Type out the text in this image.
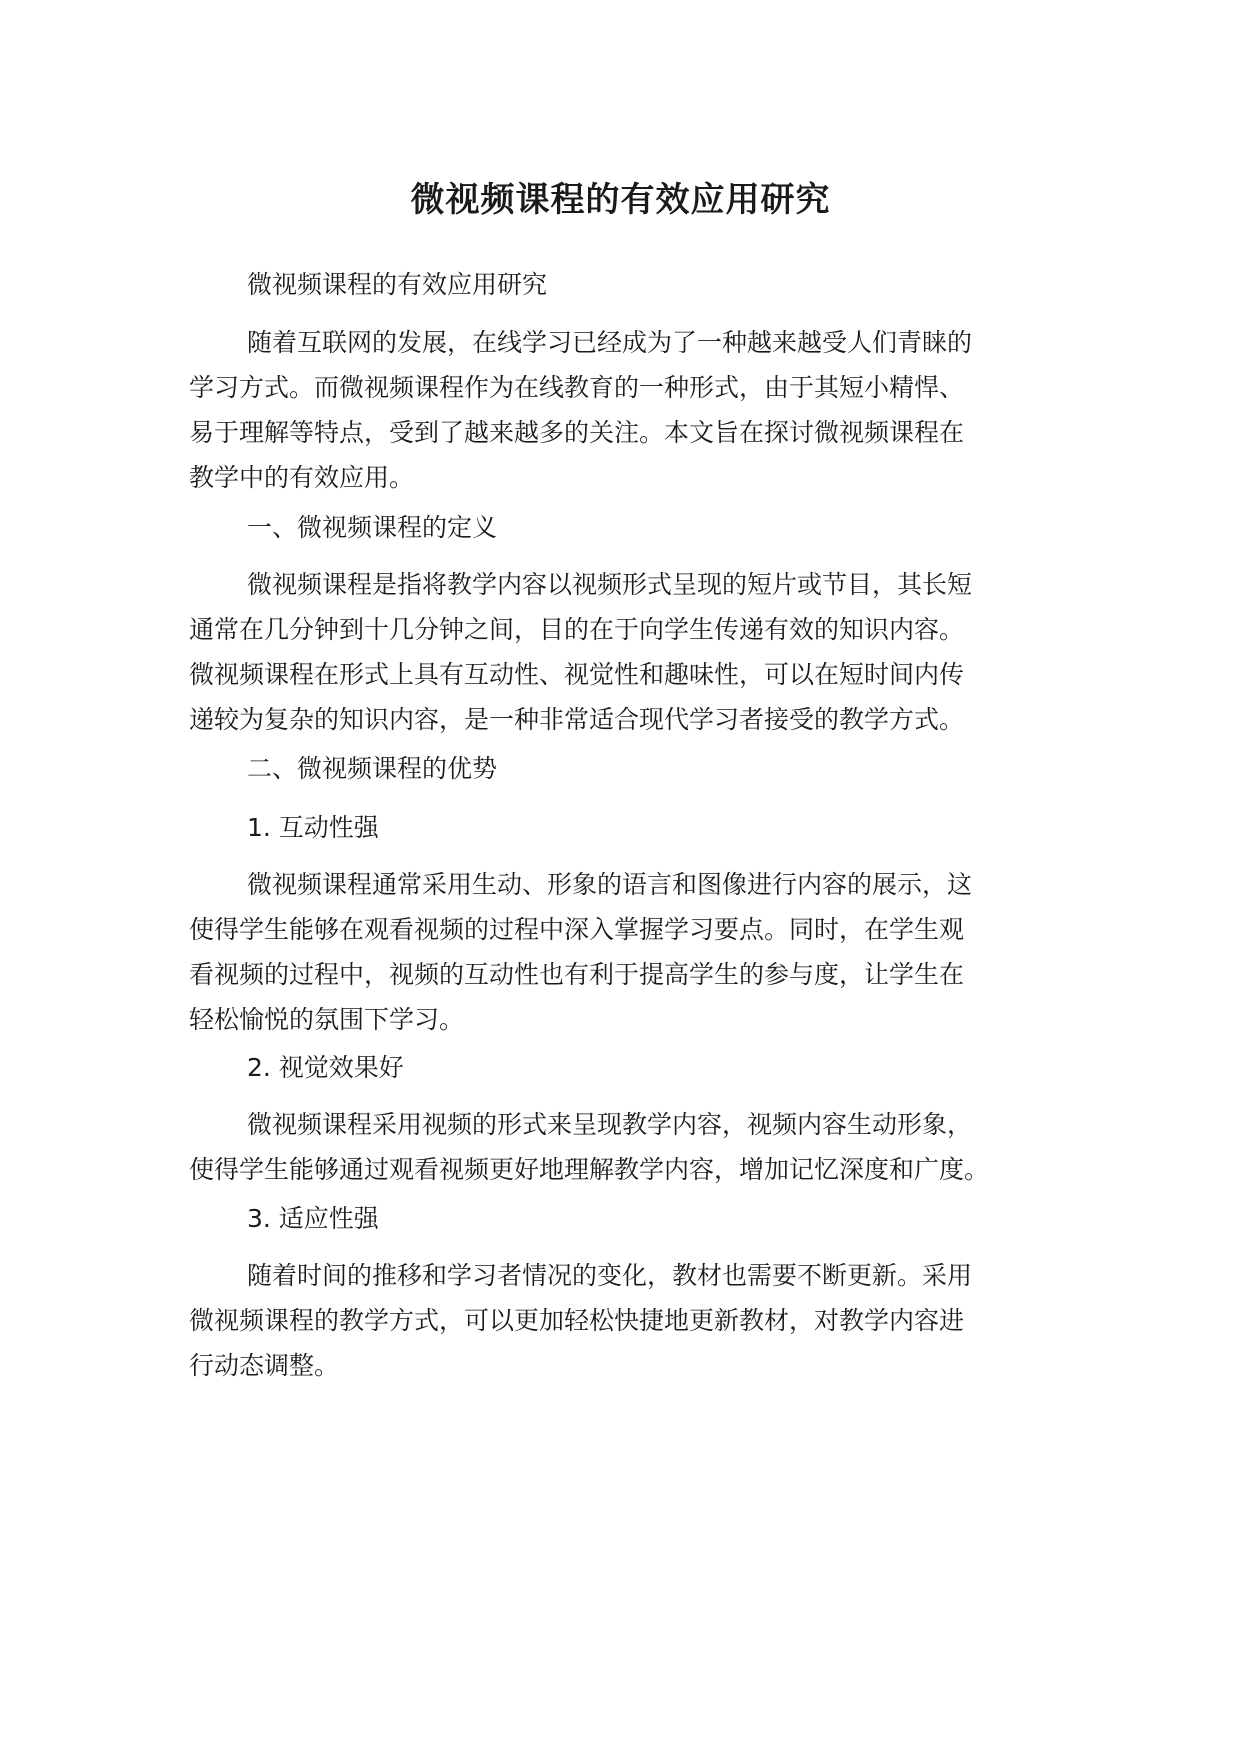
微视频课程的有效应用研究
微视频课程的有效应用研究
随着互联网的发展，在线学习已经成为了一种越来越受人们青睐的
学习方式。而微视频课程作为在线教育的一种形式，由于其短小精悍、
易于理解等特点，受到了越来越多的关注。本文旨在探讨微视频课程在
教学中的有效应用。
一、微视频课程的定义
微视频课程是指将教学内容以视频形式呈现的短片或节目，其长短
通常在几分钟到十几分钟之间，目的在于向学生传递有效的知识内容。
微视频课程在形式上具有互动性、视觉性和趣味性，可以在短时间内传
递较为复杂的知识内容，是一种非常适合现代学习者接受的教学方式。
二、微视频课程的优势
1. 互动性强
微视频课程通常采用生动、形象的语言和图像进行内容的展示，这
使得学生能够在观看视频的过程中深入掌握学习要点。同时，在学生观
看视频的过程中，视频的互动性也有利于提高学生的参与度，让学生在
轻松愉悦的氛围下学习。
2. 视觉效果好
微视频课程采用视频的形式来呈现教学内容，视频内容生动形象，
使得学生能够通过观看视频更好地理解教学内容，增加记忆深度和广度。
3. 适应性强
随着时间的推移和学习者情况的变化，教材也需要不断更新。采用
微视频课程的教学方式，可以更加轻松快捷地更新教材，对教学内容进
行动态调整。
